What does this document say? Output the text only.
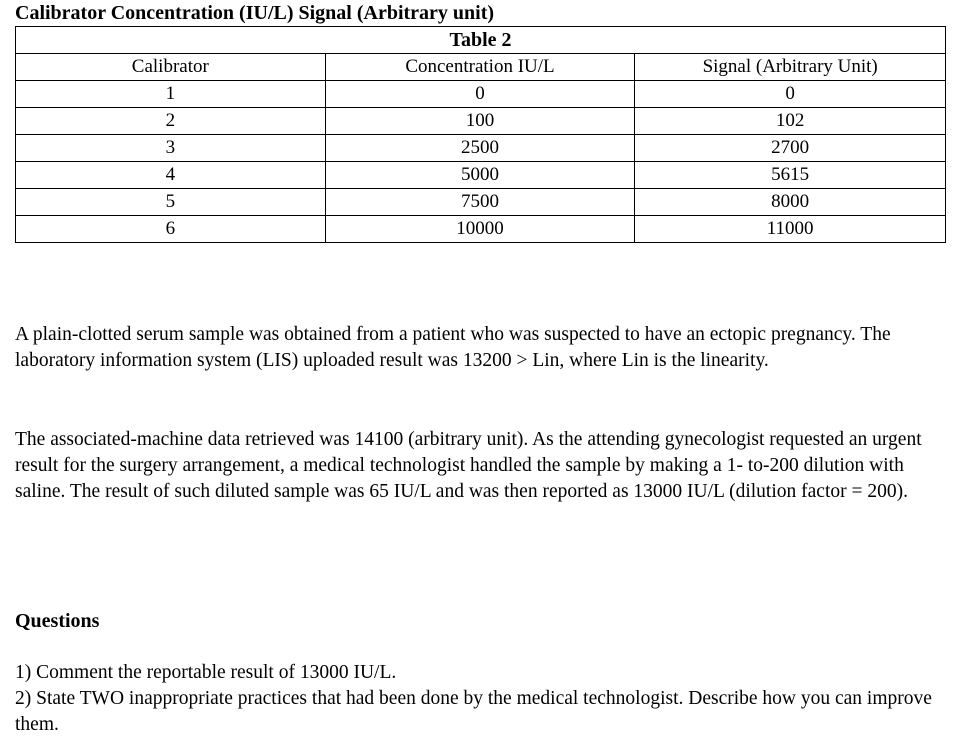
Calibrator Concentration (IU/L) Signal (Arbitrary unit)
Table 2		
Calibrator	Concentration IU/L	Signal (Arbitrary Unit)
1	0	0
2	100	102
3	2500	2700
4	5000	5615
5	7500	8000
6	10000	11000

A plain-clotted serum sample was obtained from a patient who was suspected to have an ectopic pregnancy. The laboratory information system (LIS) uploaded result was 13200 > Lin, where Lin is the linearity.

The associated-machine data retrieved was 14100 (arbitrary unit). As the attending gynecologist requested an urgent result for the surgery arrangement, a medical technologist handled the sample by making a 1- to-200 dilution with saline. The result of such diluted sample was 65 IU/L and was then reported as 13000 IU/L (dilution factor = 200).

Questions

1) Comment the reportable result of 13000 IU/L.

2) State TWO inappropriate practices that had been done by the medical technologist. Describe how you can improve them.
